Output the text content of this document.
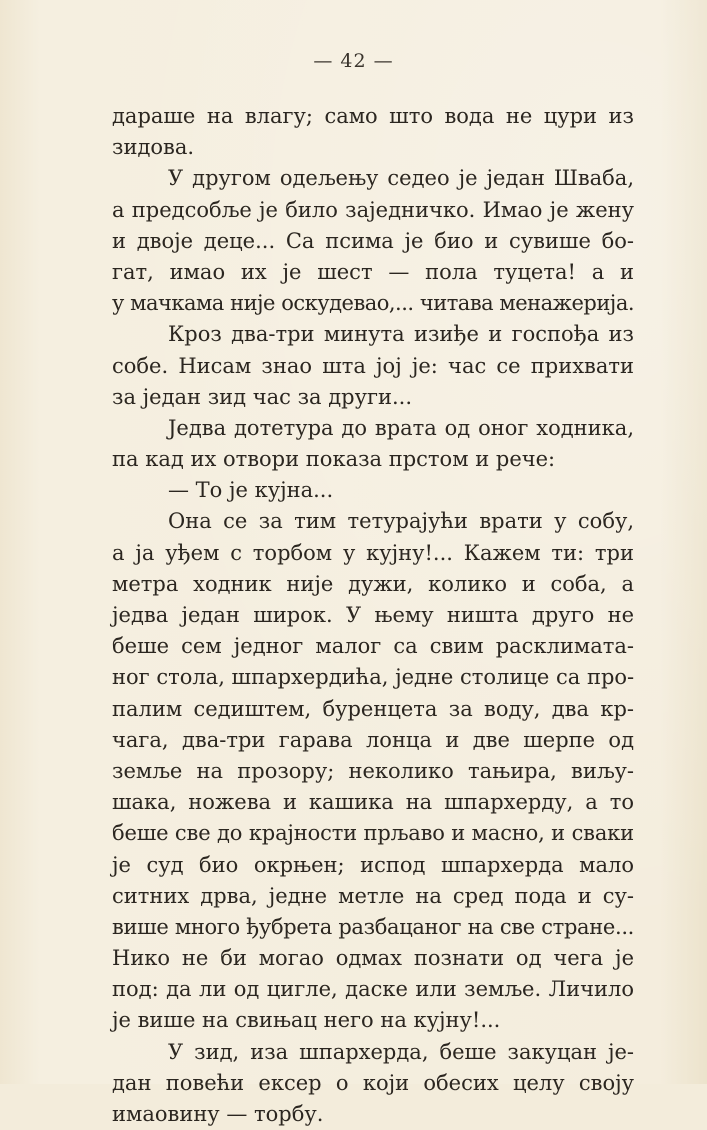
— 42 —
дараше на влагу; само што вода не цури из
зидова.
У другом одељењу седео је један Шваба,
а предсобље је било заједничко. Имао је жену
и двоје деце... Са псима је био и сувише бо-
гат, имао их је шест — пола туцета! а и
у мачкама није оскудевао,... читава менажерија.
Кроз два-три минута изиђе и госпођа из
собе. Нисам знао шта јој је: час се прихвати
за један зид час за други...
Једва дотетура до врата од оног ходника,
па кад их отвори показа прстом и рече:
— То је кујна...
Она се за тим тетурајући врати у собу,
а ја уђем с торбом у кујну!... Кажем ти: три
метра ходник није дужи, колико и соба, а
једва један широк. У њему ништа друго не
беше сем једног малог са свим расклимата-
ног стола, шпархердића, једне столице са про-
палим седиштем, буренцета за воду, два кр-
чага, два-три гарава лонца и две шерпе од
земље на прозору; неколико тањира, виљу-
шака, ножева и кашика на шпархерду, а то
беше све до крајности прљаво и масно, и сваки
је суд био окрњен; испод шпархерда мало
ситних дрва, једне метле на сред пода и су-
више много ђубрета разбацаног на све стране...
Нико не би могао одмах познати од чега је
под: да ли од цигле, даске или земље. Личило
је више на свињац него на кујну!...
У зид, иза шпархерда, беше закуцан је-
дан повећи ексер о који обесих целу своју
имаовину — торбу.
